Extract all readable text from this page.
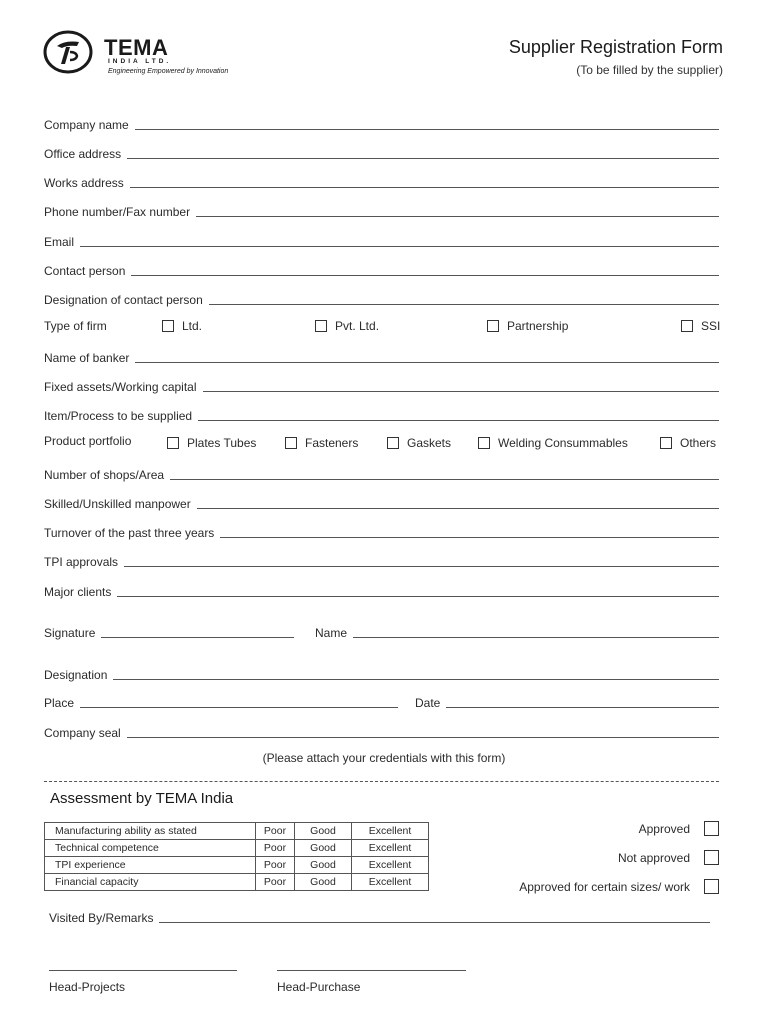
TEMA
INDIA LTD.
Engineering Empowered by Innovation
Supplier Registration Form
(To be filled by the supplier)
Company name
Office address
Works address
Phone number/Fax number
Email
Contact person
Designation of contact person
Type of firm	Ltd.	Pvt. Ltd.	Partnership	SSI
Name of banker
Fixed assets/Working capital
Item/Process to be supplied
Product portfolio	Plates Tubes	Fasteners	Gaskets	Welding Consummables	Others
Number of shops/Area
Skilled/Unskilled manpower
Turnover of the past three years
TPI approvals
Major clients
Signature	Name
Designation
Place	Date
Company seal
(Please attach your credentials with this form)
Assessment by TEMA India
Manufacturing ability as stated	Poor	Good	Excellent
Technical competence	Poor	Good	Excellent
TPI experience	Poor	Good	Excellent
Financial capacity	Poor	Good	Excellent
Approved
Not approved
Approved for certain sizes/ work
Visited By/Remarks
Head-Projects	Head-Purchase
